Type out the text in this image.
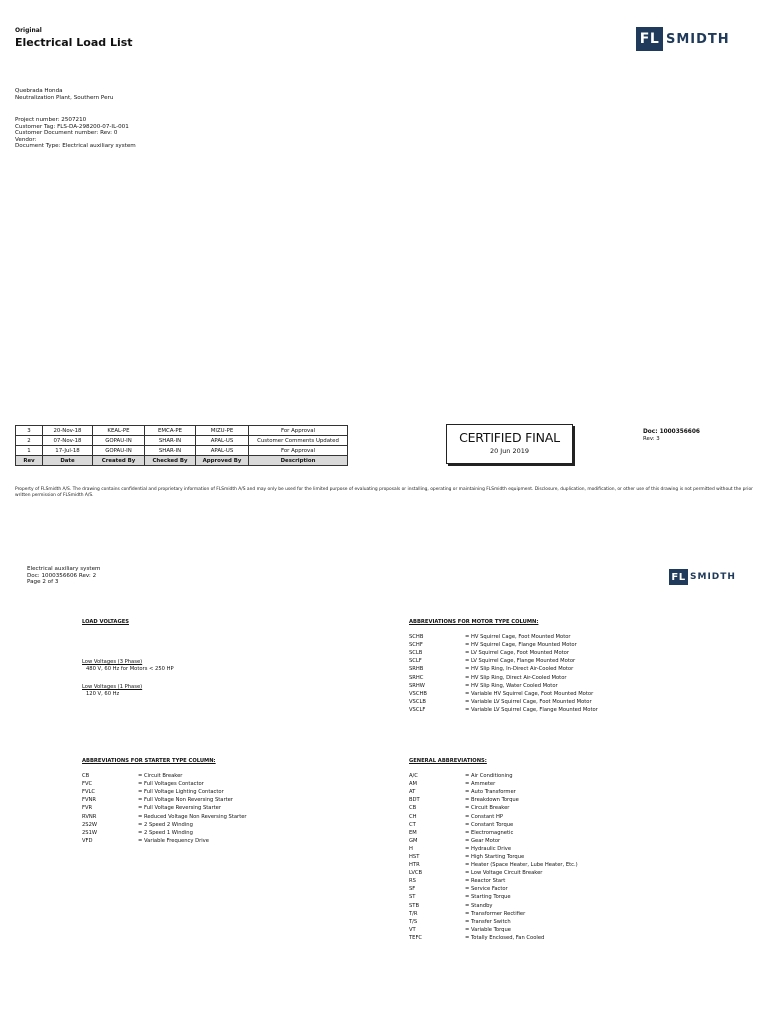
Original
Electrical Load List	FL SMIDTH
Quebrada Honda
Neutralization Plant, Southern Peru
Project number: 2507210
Customer Tag: FLS-DA-298200-07-IL-001
Customer Document number: Rev: 0
Vendor:
Document Type: Electrical auxiliary system
3	20-Nov-18	KEAL-PE	EMCA-PE	MIZU-PE	For Approval
2	07-Nov-18	GOPAU-IN	SHAR-IN	APAL-US	Customer Comments Updated
1	17-Jul-18	GOPAU-IN	SHAR-IN	APAL-US	For Approval
Rev	Date	Created By	Checked By	Approved By	Description
CERTIFIED FINAL
20 Jun 2019
Doc: 1000356606
Rev: 3
Property of FLSmidth A/S. The drawing contains confidential and proprietary information of FLSmidth A/S and may only be used for the limited purpose of evaluating proposals or installing, operating or maintaining FLSmidth equipment. Disclosure, duplication, modification, or other use of this drawing is not permitted without the prior written permission of FLSmidth A/S.
Electrical auxiliary system
Doc: 1000356606 Rev: 2
Page 2 of 3	FL SMIDTH
LOAD VOLTAGES
Low Voltages (3 Phase)
480 V, 60 Hz for Motors < 250 HP
Low Voltages (1 Phase)
120 V, 60 Hz
ABBREVIATIONS FOR MOTOR TYPE COLUMN:
SCHB	= HV Squirrel Cage, Foot Mounted Motor
SCHF	= HV Squirrel Cage, Flange Mounted Motor
SCLB	= LV Squirrel Cage, Foot Mounted Motor
SCLF	= LV Squirrel Cage, Flange Mounted Motor
SRHB	= HV Slip Ring, In-Direct Air-Cooled Motor
SRHC	= HV Slip Ring, Direct Air-Cooled Motor
SRHW	= HV Slip Ring, Water Cooled Motor
VSCHB	= Variable HV Squirrel Cage, Foot Mounted Motor
VSCLB	= Variable LV Squirrel Cage, Foot Mounted Motor
VSCLF	= Variable LV Squirrel Cage, Flange Mounted Motor
ABBREVIATIONS FOR STARTER TYPE COLUMN:
CB	= Circuit Breaker
FVC	= Full Voltages Contactor
FVLC	= Full Voltage Lighting Contactor
FVNR	= Full Voltage Non Reversing Starter
FVR	= Full Voltage Reversing Starter
RVNR	= Reduced Voltage Non Reversing Starter
2S2W	= 2 Speed 2 Winding
2S1W	= 2 Speed 1 Winding
VFD	= Variable Frequency Drive
GENERAL ABBREVIATIONS:
A/C	= Air Conditioning
AM	= Ammeter
AT	= Auto Transformer
BDT	= Breakdown Torque
CB	= Circuit Breaker
CH	= Constant HP
CT	= Constant Torque
EM	= Electromagnetic
GM	= Gear Motor
H	= Hydraulic Drive
HST	= High Starting Torque
HTR	= Heater (Space Heater, Lube Heater, Etc.)
LVCB	= Low Voltage Circuit Breaker
RS	= Reactor Start
SF	= Service Factor
ST	= Starting Torque
STB	= Standby
T/R	= Transformer Rectifier
T/S	= Transfer Switch
VT	= Variable Torque
TEFC	= Totally Enclosed, Fan Cooled
